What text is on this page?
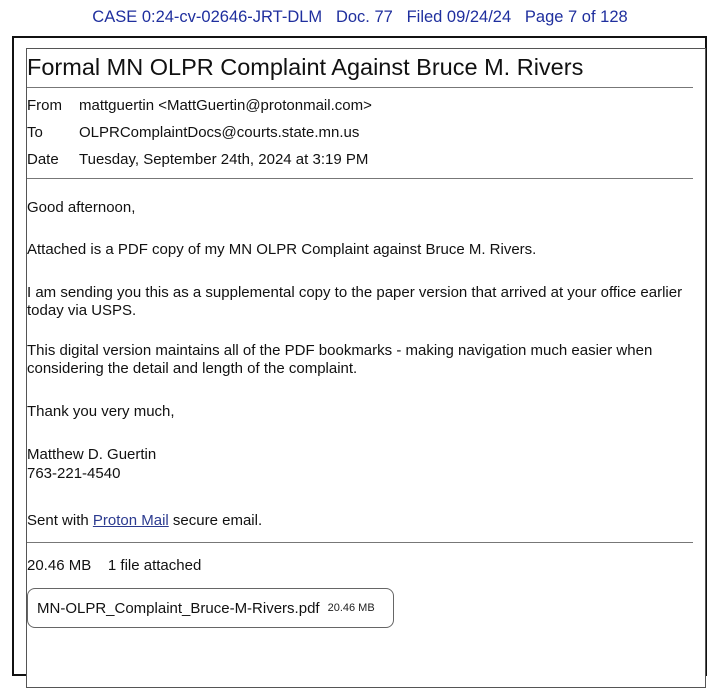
CASE 0:24-cv-02646-JRT-DLM Doc. 77 Filed 09/24/24 Page 7 of 128
Formal MN OLPR Complaint Against Bruce M. Rivers
From mattguertin <MattGuertin@protonmail.com>
To OLPRComplaintDocs@courts.state.mn.us
Date Tuesday, September 24th, 2024 at 3:19 PM
Good afternoon,
Attached is a PDF copy of my MN OLPR Complaint against Bruce M. Rivers.
I am sending you this as a supplemental copy to the paper version that arrived at your office earlier today via USPS.
This digital version maintains all of the PDF bookmarks - making navigation much easier when considering the detail and length of the complaint.
Thank you very much,
Matthew D. Guertin
763-221-4540
Sent with Proton Mail secure email.
20.46 MB 1 file attached
MN-OLPR_Complaint_Bruce-M-Rivers.pdf 20.46 MB
